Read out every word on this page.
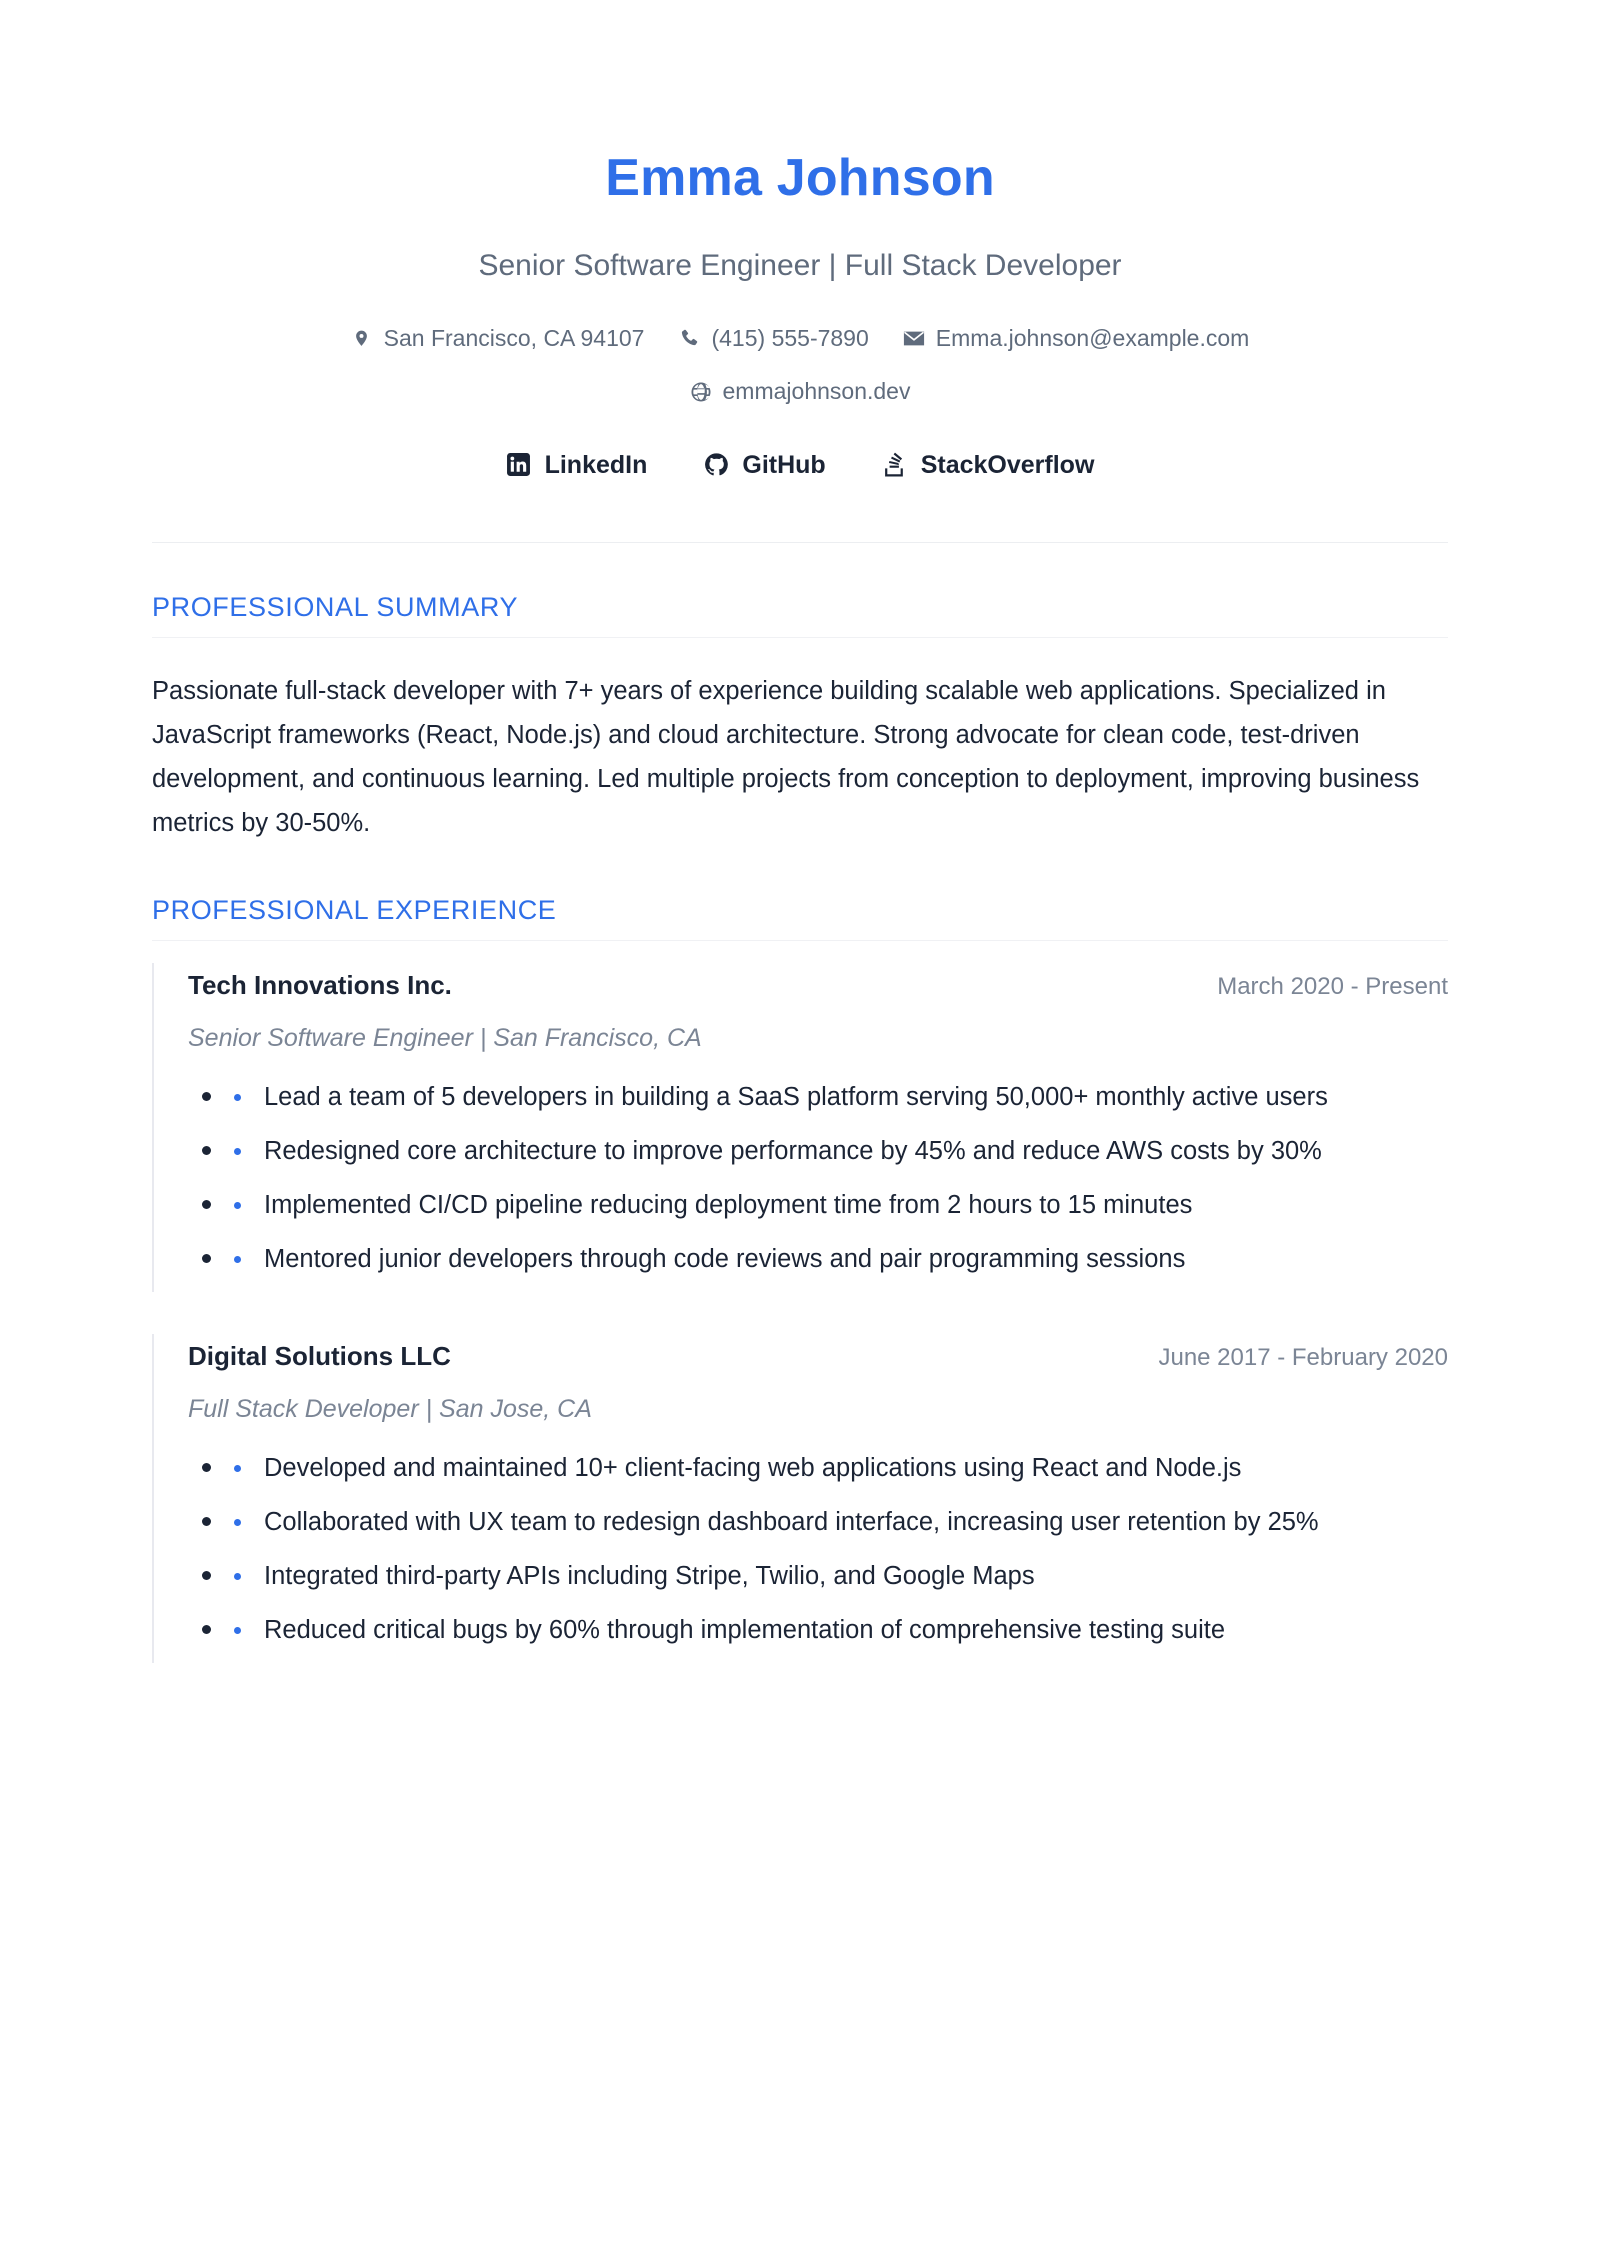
Emma Johnson
Senior Software Engineer | Full Stack Developer
San Francisco, CA 94107	(415) 555-7890	Emma.johnson@example.com
emmajohnson.dev
LinkedIn	GitHub	StackOverflow
PROFESSIONAL SUMMARY

Passionate full-stack developer with 7+ years of experience building scalable web applications. Specialized in JavaScript frameworks (React, Node.js) and cloud architecture. Strong advocate for clean code, test-driven development, and continuous learning. Led multiple projects from conception to deployment, improving business metrics by 30-50%.

PROFESSIONAL EXPERIENCE
Tech Innovations Inc.	March 2020 - Present
Senior Software Engineer | San Francisco, CA
Lead a team of 5 developers in building a SaaS platform serving 50,000+ monthly active users
Redesigned core architecture to improve performance by 45% and reduce AWS costs by 30%
Implemented CI/CD pipeline reducing deployment time from 2 hours to 15 minutes
Mentored junior developers through code reviews and pair programming sessions
Digital Solutions LLC	June 2017 - February 2020
Full Stack Developer | San Jose, CA
Developed and maintained 10+ client-facing web applications using React and Node.js
Collaborated with UX team to redesign dashboard interface, increasing user retention by 25%
Integrated third-party APIs including Stripe, Twilio, and Google Maps
Reduced critical bugs by 60% through implementation of comprehensive testing suite
